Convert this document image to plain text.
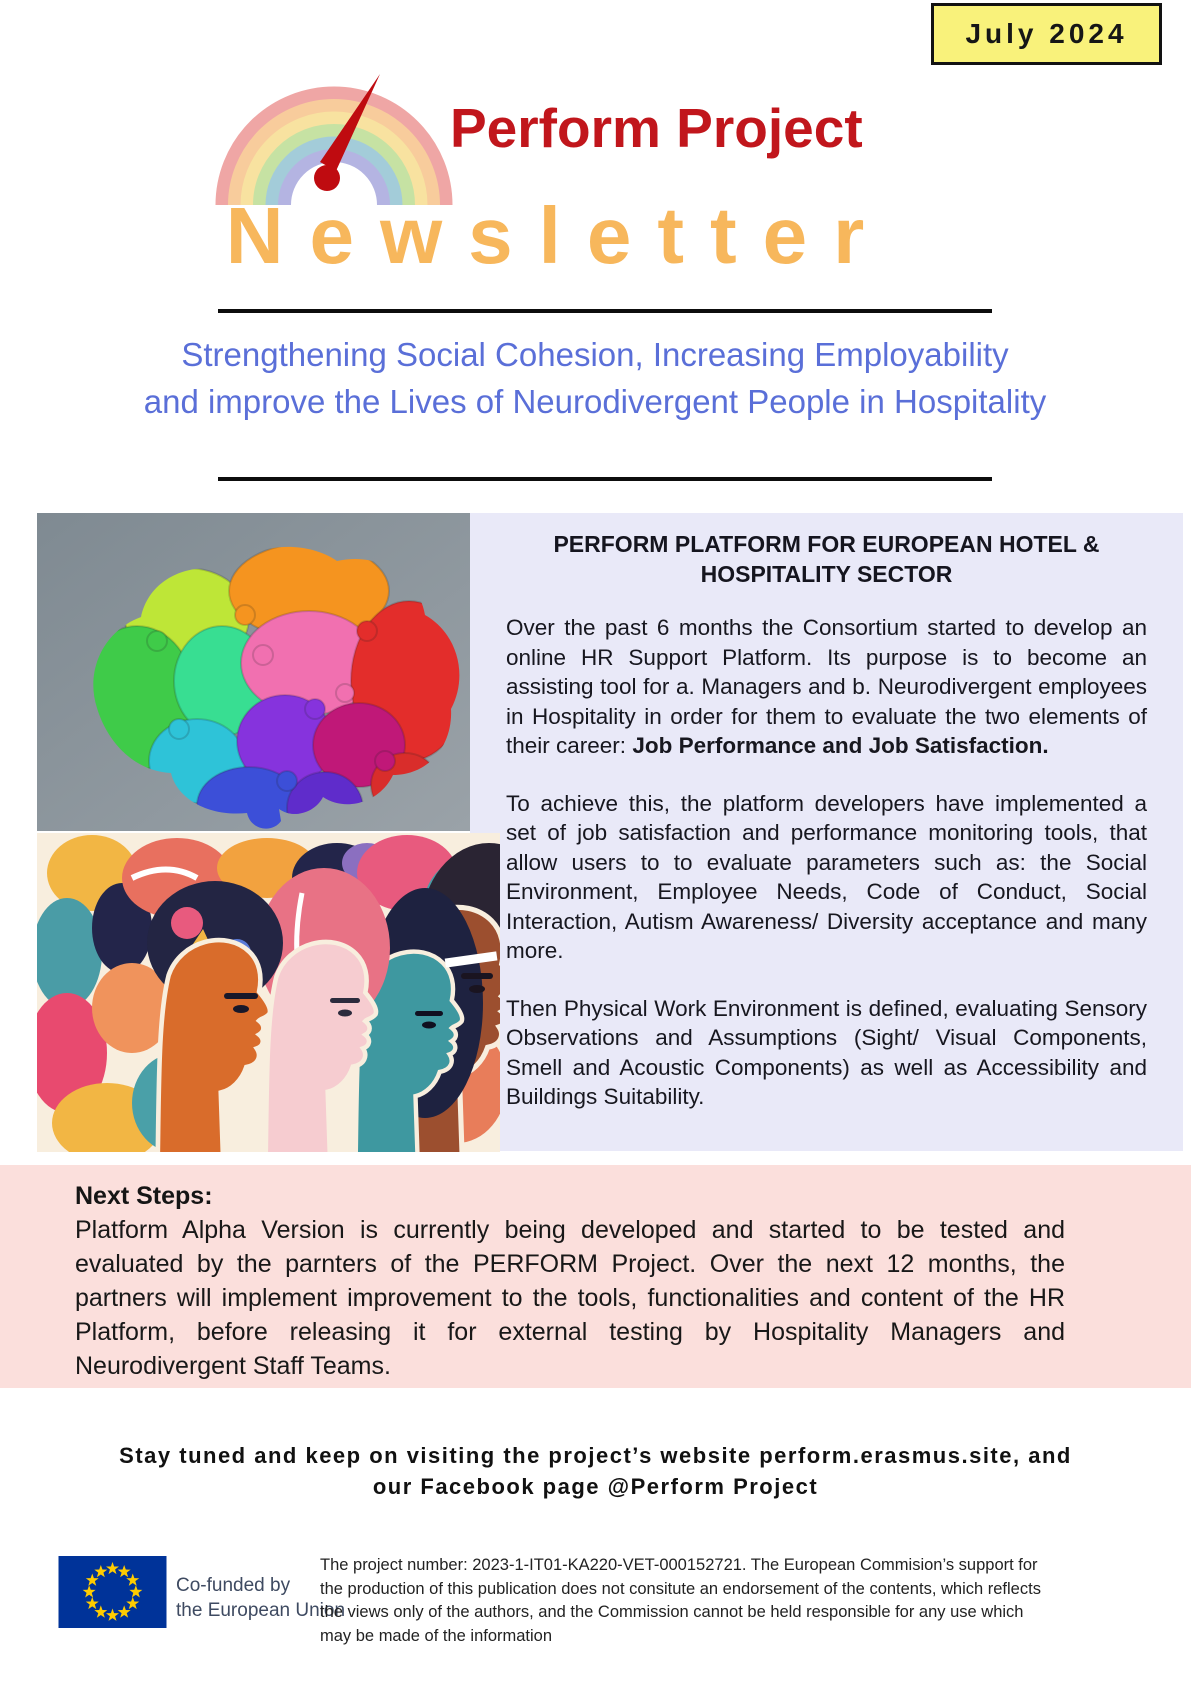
July 2024
Perform Project
Newsletter
Strengthening Social Cohesion, Increasing Employability
and improve the Lives of Neurodivergent People in Hospitality
PERFORM PLATFORM FOR EUROPEAN HOTEL &
HOSPITALITY SECTOR

Over the past 6 months the Consortium started to develop an online HR Support Platform. Its purpose is to become an assisting tool for a. Managers and b. Neurodivergent employees in Hospitality in order for them to evaluate the two elements of their career: Job Performance and Job Satisfaction.

To achieve this, the platform developers have implemented a set of job satisfaction and performance monitoring tools, that allow users to to evaluate parameters such as: the Social Environment, Employee Needs, Code of Conduct, Social Interaction, Autism Awareness/ Diversity acceptance and many more.

Then Physical Work Environment is defined, evaluating Sensory Observations and Assumptions (Sight/ Visual Components, Smell and Acoustic Components) as well as Accessibility and Buildings Suitability.

Next Steps:

Platform Alpha Version is currently being developed and started to be tested and evaluated by the parnters of the PERFORM Project. Over the next 12 months, the partners will implement improvement to the tools, functionalities and content of the HR Platform, before releasing it for external testing by Hospitality Managers and Neurodivergent Staff Teams.

Stay tuned and keep on visiting the project’s website perform.erasmus.site, and
our Facebook page @Perform Project
Co-funded by
the European Union
The project number: 2023-1-IT01-KA220-VET-000152721. The European Commision’s support for the production of this publication does not consitute an endorsement of the contents, which reflects the views only of the authors, and the Commission cannot be held responsible for any use which may be made of the information
